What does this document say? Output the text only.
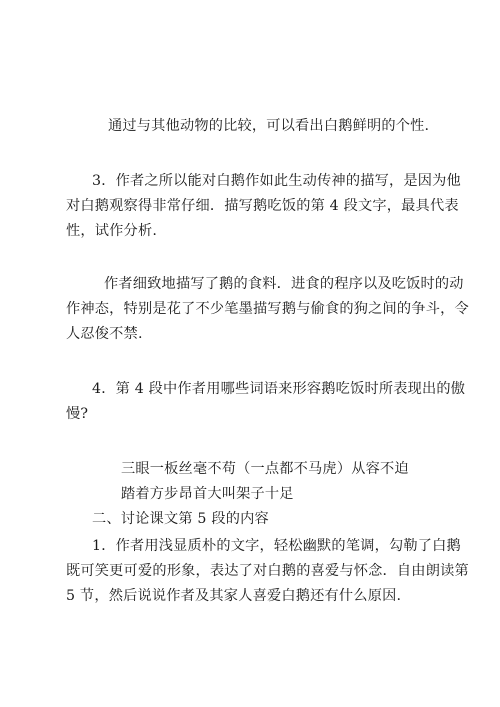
通过与其他动物的比较，可以看出白鹅鲜明的个性.
3．作者之所以能对白鹅作如此生动传神的描写，是因为他
对白鹅观察得非常仔细．描写鹅吃饭的第 4 段文字，最具代表
性，试作分析.
作者细致地描写了鹅的食料．进食的程序以及吃饭时的动
作神态，特别是花了不少笔墨描写鹅与偷食的狗之间的争斗，令
人忍俊不禁.
4．第 4 段中作者用哪些词语来形容鹅吃饭时所表现出的傲
慢?
三眼一板丝毫不苟（一点都不马虎）从容不迫
踏着方步昂首大叫架子十足
二、讨论课文第 5 段的内容
1．作者用浅显质朴的文字，轻松幽默的笔调，勾勒了白鹅
既可笑更可爱的形象，表达了对白鹅的喜爱与怀念．自由朗读第
5 节，然后说说作者及其家人喜爱白鹅还有什么原因.
